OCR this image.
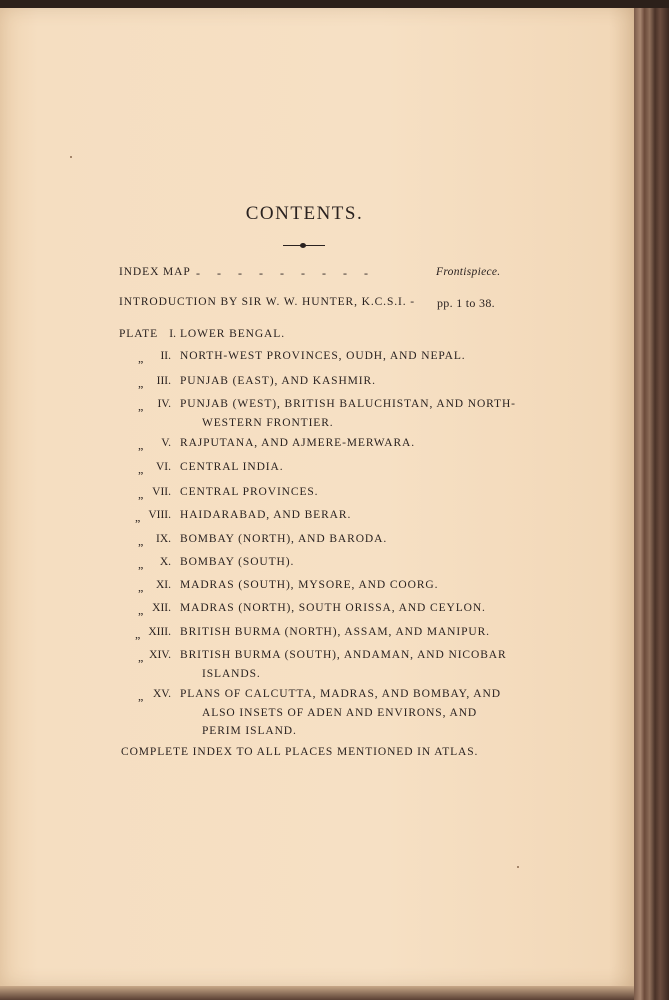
CONTENTS.
INDEX MAP - - - - - - - - -	Frontispiece.
INTRODUCTION BY SIR W. W. HUNTER, K.C.S.I. - pp. 1 to 38.
PLATE I. LOWER BENGAL.
„	II. NORTH-WEST PROVINCES, OUDH, AND NEPAL.
„	III. PUNJAB (EAST), AND KASHMIR.
„	IV. PUNJAB (WEST), BRITISH BALUCHISTAN, AND NORTH-
WESTERN FRONTIER.
„	V. RAJPUTANA, AND AJMERE-MERWARA.
„	VI. CENTRAL INDIA.
„ VII. CENTRAL PROVINCES.
„ VIII. HAIDARABAD, AND BERAR.
„	IX. BOMBAY (NORTH), AND BARODA.
„	X. BOMBAY (SOUTH).
„	XI. MADRAS (SOUTH), MYSORE, AND COORG.
„ XII. MADRAS (NORTH), SOUTH ORISSA, AND CEYLON.
„ XIII. BRITISH BURMA (NORTH), ASSAM, AND MANIPUR.
„ XIV. BRITISH BURMA (SOUTH), ANDAMAN, AND NICOBAR
ISLANDS.
„ XV. PLANS OF CALCUTTA, MADRAS, AND BOMBAY, AND
ALSO INSETS OF ADEN AND ENVIRONS, AND
PERIM ISLAND.
COMPLETE INDEX TO ALL PLACES MENTIONED IN ATLAS.
